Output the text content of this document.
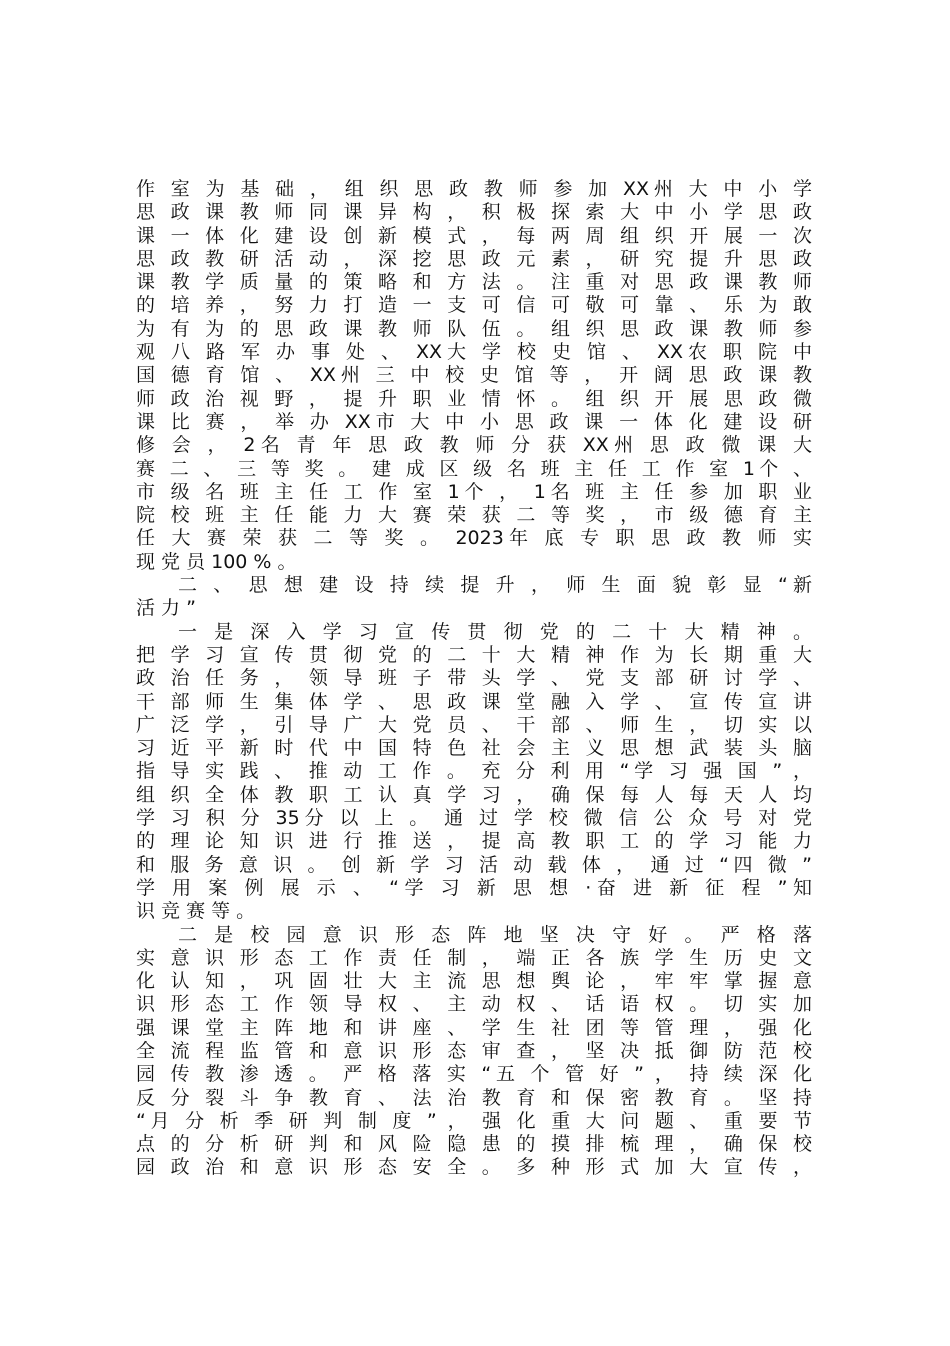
作 室 为 基 础 ， 组 织 思 政 教 师 参 加 XX州 大 中 小 学
思 政 课 教 师 同 课 异 构 ， 积 极 探 索 大 中 小 学 思 政
课 一 体 化 建 设 创 新 模 式 ， 每 两 周 组 织 开 展 一 次
思 政 教 研 活 动 ， 深 挖 思 政 元 素 ， 研 究 提 升 思 政
课 教 学 质 量 的 策 略 和 方 法 。 注 重 对 思 政 课 教 师
的 培 养 ， 努 力 打 造 一 支 可 信 可 敬 可 靠 、 乐 为 敢
为 有 为 的 思 政 课 教 师 队 伍 。 组 织 思 政 课 教 师 参
观 八 路 军 办 事 处 、 XX大 学 校 史 馆 、 XX农 职 院 中
国 德 育 馆 、 XX州 三 中 校 史 馆 等 ， 开 阔 思 政 课 教
师 政 治 视 野 ， 提 升 职 业 情 怀 。 组 织 开 展 思 政 微
课 比 赛 ， 举 办 XX市 大 中 小 思 政 课 一 体 化 建 设 研
修 会 ， 2名 青 年 思 政 教 师 分 获 XX州 思 政 微 课 大
赛 二 、 三 等 奖 。 建 成 区 级 名 班 主 任 工 作 室 1个 、
市 级 名 班 主 任 工 作 室 1个 ， 1名 班 主 任 参 加 职 业
院 校 班 主 任 能 力 大 赛 荣 获 二 等 奖 ， 市 级 德 育 主
任 大 赛 荣 获 二 等 奖 。 2023年 底 专 职 思 政 教 师 实
现 党 员 100 % 。
二 、 思 想 建 设 持 续 提 升 ， 师 生 面 貌 彰 显 “新
活 力 ”
一 是 深 入 学 习 宣 传 贯 彻 党 的 二 十 大 精 神 。
把 学 习 宣 传 贯 彻 党 的 二 十 大 精 神 作 为 长 期 重 大
政 治 任 务 ， 领 导 班 子 带 头 学 、 党 支 部 研 讨 学 、
干 部 师 生 集 体 学 、 思 政 课 堂 融 入 学 、 宣 传 宣 讲
广 泛 学 ， 引 导 广 大 党 员 、 干 部 、 师 生 ， 切 实 以
习 近 平 新 时 代 中 国 特 色 社 会 主 义 思 想 武 装 头 脑
指 导 实 践 、 推 动 工 作 。 充 分 利 用 “学 习 强 国 ” ，
组 织 全 体 教 职 工 认 真 学 习 ， 确 保 每 人 每 天 人 均
学 习 积 分 35分 以 上 。 通 过 学 校 微 信 公 众 号 对 党
的 理 论 知 识 进 行 推 送 ， 提 高 教 职 工 的 学 习 能 力
和 服 务 意 识 。 创 新 学 习 活 动 载 体 ， 通 过 “四 微 ”
学 用 案 例 展 示 、 “学 习 新 思 想 ·奋 进 新 征 程 ”知
识 竞 赛 等 。
二 是 校 园 意 识 形 态 阵 地 坚 决 守 好 。 严 格 落
实 意 识 形 态 工 作 责 任 制 ， 端 正 各 族 学 生 历 史 文
化 认 知 ， 巩 固 壮 大 主 流 思 想 舆 论 ， 牢 牢 掌 握 意
识 形 态 工 作 领 导 权 、 主 动 权 、 话 语 权 。 切 实 加
强 课 堂 主 阵 地 和 讲 座 、 学 生 社 团 等 管 理 ， 强 化
全 流 程 监 管 和 意 识 形 态 审 查 ， 坚 决 抵 御 防 范 校
园 传 教 渗 透 。 严 格 落 实 “五 个 管 好 ” ， 持 续 深 化
反 分 裂 斗 争 教 育 、 法 治 教 育 和 保 密 教 育 。 坚 持
“月 分 析 季 研 判 制 度 ” ， 强 化 重 大 问 题 、 重 要 节
点 的 分 析 研 判 和 风 险 隐 患 的 摸 排 梳 理 ， 确 保 校
园 政 治 和 意 识 形 态 安 全 。 多 种 形 式 加 大 宣 传 ，
